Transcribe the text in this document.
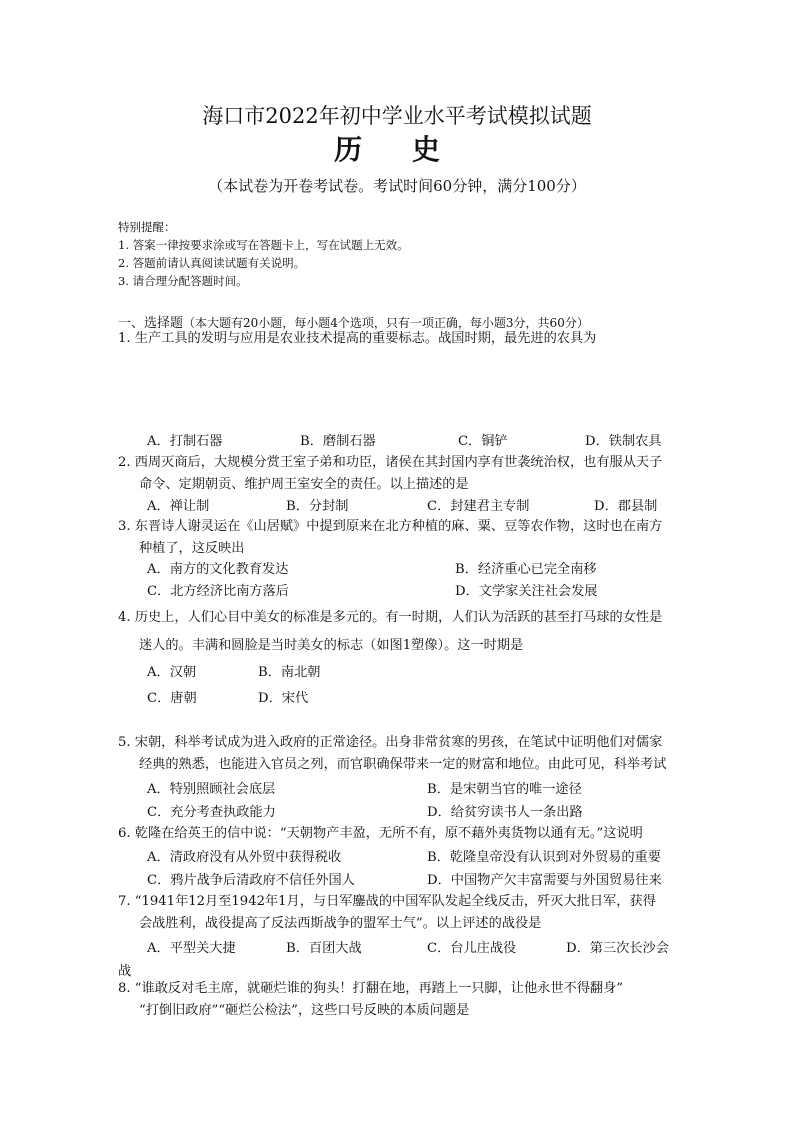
海口市2022年初中学业水平考试模拟试题
历 史
（本试卷为开卷考试卷。考试时间60分钟，满分100分）
特别提醒：
1. 答案一律按要求涂或写在答题卡上，写在试题上无效。
2. 答题前请认真阅读试题有关说明。
3. 请合理分配答题时间。
一、选择题（本大题有20小题，每小题4个选项，只有一项正确，每小题3分，共60分）
1. 生产工具的发明与应用是农业技术提高的重要标志。战国时期，最先进的农具为
A．打制石器	B．磨制石器	C．铜铲	D．铁制农具
2. 西周灭商后，大规模分赏王室子弟和功臣，诸侯在其封国内享有世袭统治权，也有服从天子
命令、定期朝贡、维护周王室安全的责任。以上描述的是
A．禅让制	B．分封制	C．封建君主专制	D．郡县制
3. 东晋诗人谢灵运在《山居赋》中提到原来在北方种植的麻、粟、豆等农作物，这时也在南方
种植了，这反映出
A．南方的文化教育发达	B．经济重心已完全南移
C．北方经济比南方落后	D．文学家关注社会发展
4. 历史上，人们心目中美女的标准是多元的。有一时期，人们认为活跃的甚至打马球的女性是
迷人的。丰满和圆脸是当时美女的标志（如图1塑像）。这一时期是
A．汉朝	B．南北朝
C．唐朝	D．宋代
5. 宋朝，科举考试成为进入政府的正常途径。出身非常贫寒的男孩，在笔试中证明他们对儒家
经典的熟悉，也能进入官员之列，而官职确保带来一定的财富和地位。由此可见，科举考试
A．特别照顾社会底层	B．是宋朝当官的唯一途径
C．充分考查执政能力	D．给贫穷读书人一条出路
6. 乾隆在给英王的信中说：“天朝物产丰盈，无所不有，原不藉外夷货物以通有无。”这说明
A．清政府没有从外贸中获得税收	B．乾隆皇帝没有认识到对外贸易的重要
C．鸦片战争后清政府不信任外国人	D．中国物产欠丰富需要与外国贸易往来
7. “1941年12月至1942年1月，与日军鏖战的中国军队发起全线反击，歼灭大批日军，获得
会战胜利，战役提高了反法西斯战争的盟军士气”。以上评述的战役是
A．平型关大捷	B．百团大战	C．台儿庄战役	D．第三次长沙会
战
8. “谁敢反对毛主席，就砸烂谁的狗头！打翻在地，再踏上一只脚，让他永世不得翻身”
“打倒旧政府”“砸烂公检法”，这些口号反映的本质问题是
